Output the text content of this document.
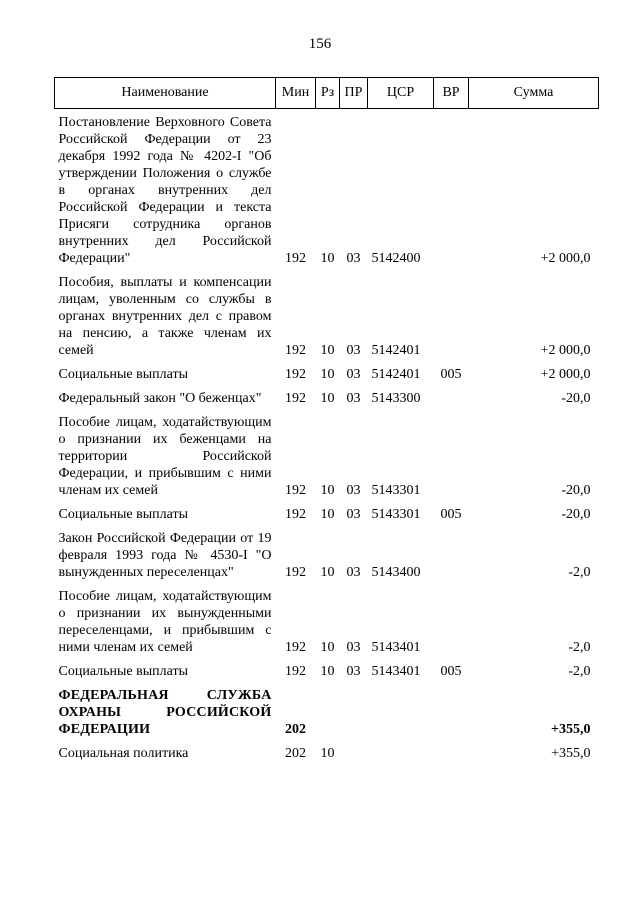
156
Наименование	Мин	Рз	ПР	ЦСР	ВР	Сумма

Постановление Верховного Совета Российской Федерации от 23 декабря 1992 года № 4202-I "Об утверждении Положения о службе в органах внутренних дел Российской Федерации и текста Присяги сотрудника органов внутренних дел Российской Федерации"	192	10	03	5142400		+2 000,0

Пособия, выплаты и компенсации лицам, уволенным со службы в органах внутренних дел с правом на пенсию, а также членам их семей	192	10	03	5142401		+2 000,0

Социальные выплаты	192	10	03	5142401	005	+2 000,0

Федеральный закон "О беженцах"	192	10	03	5143300		-20,0

Пособие лицам, ходатайствующим о признании их беженцами на территории Российской Федерации, и прибывшим с ними членам их семей	192	10	03	5143301		-20,0

Социальные выплаты	192	10	03	5143301	005	-20,0

Закон Российской Федерации от 19 февраля 1993 года № 4530-I "О вынужденных переселенцах"	192	10	03	5143400		-2,0

Пособие лицам, ходатайствующим о признании их вынужденными переселенцами, и прибывшим с ними членам их семей	192	10	03	5143401		-2,0

Социальные выплаты	192	10	03	5143401	005	-2,0

ФЕДЕРАЛЬНАЯ СЛУЖБА ОХРАНЫ РОССИЙСКОЙ ФЕДЕРАЦИИ	202					+355,0

Социальная политика	202	10				+355,0
